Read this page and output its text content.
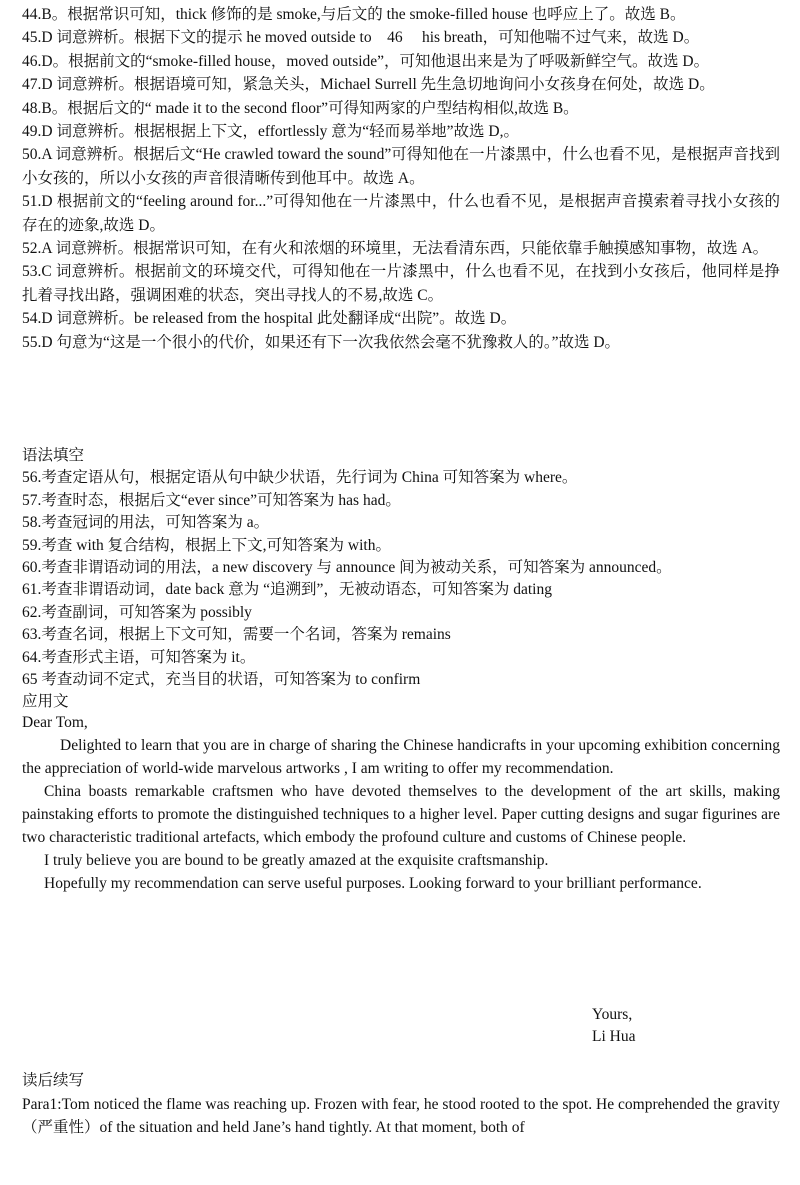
44.B。根据常识可知，thick 修饰的是 smoke,与后文的 the smoke-filled house 也呼应上了。故选 B。

45.D 词意辨析。根据下文的提示 he moved outside to　46　 his breath，可知他喘不过气来，故选 D。

46.D。根据前文的“smoke-filled house，moved outside”，可知他退出来是为了呼吸新鲜空气。故选 D。

47.D 词意辨析。根据语境可知，紧急关头，Michael Surrell 先生急切地询问小女孩身在何处，故选 D。

48.B。根据后文的“ made it to the second floor”可得知两家的户型结构相似,故选 B。

49.D 词意辨析。根据根据上下文，effortlessly 意为“轻而易举地”故选 D,。

50.A 词意辨析。根据后文“He crawled toward the sound”可得知他在一片漆黑中，什么也看不见，是根据声音找到小女孩的，所以小女孩的声音很清晰传到他耳中。故选 A。

51.D 根据前文的“feeling around for...”可得知他在一片漆黑中，什么也看不见，是根据声音摸索着寻找小女孩的存在的迹象,故选 D。

52.A 词意辨析。根据常识可知，在有火和浓烟的环境里，无法看清东西，只能依靠手触摸感知事物，故选 A。

53.C 词意辨析。根据前文的环境交代，可得知他在一片漆黑中，什么也看不见，在找到小女孩后，他同样是挣扎着寻找出路，强调困难的状态，突出寻找人的不易,故选 C。

54.D 词意辨析。be released from the hospital 此处翻译成“出院”。故选 D。

55.D 句意为“这是一个很小的代价，如果还有下一次我依然会毫不犹豫救人的。”故选 D。

语法填空

56.考查定语从句，根据定语从句中缺少状语，先行词为 China 可知答案为 where。

57.考查时态，根据后文“ever since”可知答案为 has had。

58.考查冠词的用法，可知答案为 a。

59.考查 with 复合结构，根据上下文,可知答案为 with。

60.考查非谓语动词的用法，a new discovery 与 announce 间为被动关系，可知答案为 announced。

61.考查非谓语动词，date back 意为 “追溯到”，无被动语态，可知答案为 dating

62.考查副词，可知答案为 possibly

63.考查名词，根据上下文可知，需要一个名词，答案为 remains

64.考查形式主语，可知答案为 it。

65 考查动词不定式，充当目的状语，可知答案为 to confirm

应用文

Dear Tom,

Delighted to learn that you are in charge of sharing the Chinese handicrafts in your upcoming exhibition concerning the appreciation of world-wide marvelous artworks , I am writing to offer my recommendation.

China boasts remarkable craftsmen who have devoted themselves to the development of the art skills, making painstaking efforts to promote the distinguished techniques to a higher level. Paper cutting designs and sugar figurines are two characteristic traditional artefacts, which embody the profound culture and customs of Chinese people.

I truly believe you are bound to be greatly amazed at the exquisite craftsmanship.

Hopefully my recommendation can serve useful purposes. Looking forward to your brilliant performance.

Yours,

Li Hua

读后续写

Para1:Tom noticed the flame was reaching up. Frozen with fear, he stood rooted to the spot. He comprehended the gravity （严重性）of the situation and held Jane’s hand tightly. At that moment, both of
